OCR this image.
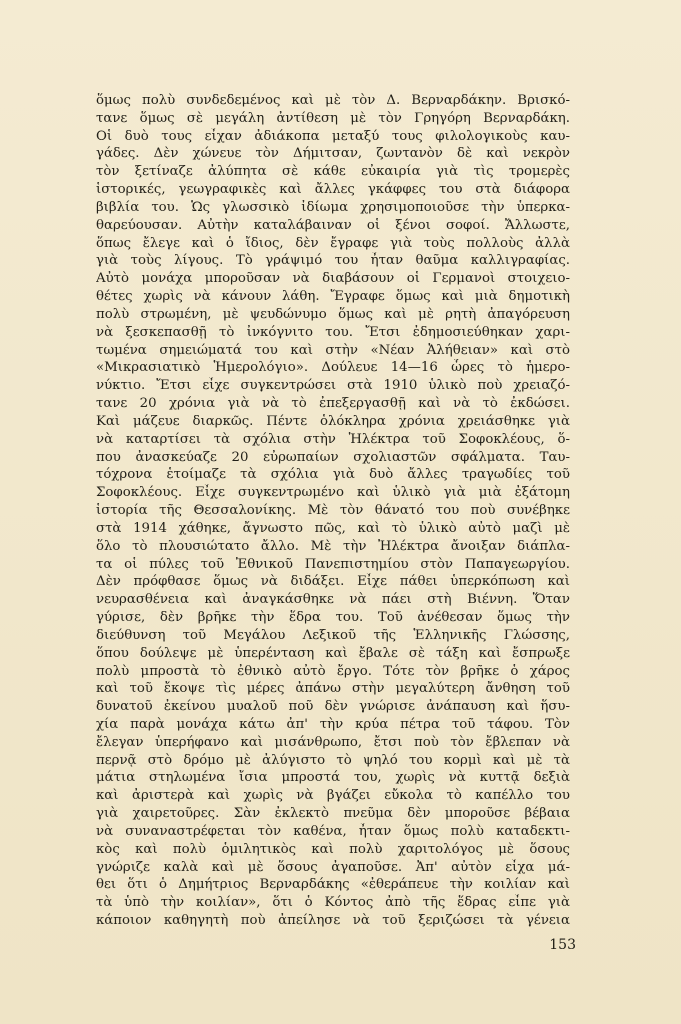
ὅμως πολὺ συνδεδεμένος καὶ μὲ τὸν Δ. Βερναρδάκην. Βρισκό-
τανε ὅμως σὲ μεγάλη ἀντίθεση μὲ τὸν Γρηγόρη Βερναρδάκη.
Οἱ δυὸ τους εἶχαν ἀδιάκοπα μεταξύ τους φιλολογικοὺς καυ-
γάδες. Δὲν χώνευε τὸν Δήμιτσαν, ζωντανὸν δὲ καὶ νεκρὸν
τὸν ξετίναζε ἀλύπητα σὲ κάθε εὐκαιρία γιὰ τὶς τρομερὲς
ἱστορικές, γεωγραφικὲς καὶ ἄλλες γκάφφες του στὰ διάφορα
βιβλία του. Ὡς γλωσσικὸ ἰδίωμα χρησιμοποιοῦσε τὴν ὑπερκα-
θαρεύουσαν. Αὐτὴν καταλάβαιναν οἱ ξένοι σοφοί. Ἄλλωστε,
ὅπως ἔλεγε καὶ ὁ ἴδιος, δὲν ἔγραφε γιὰ τοὺς πολλοὺς ἀλλὰ
γιὰ τοὺς λίγους. Τὸ γράψιμό του ἦταν θαῦμα καλλιγραφίας.
Αὐτὸ μονάχα μποροῦσαν νὰ διαβάσουν οἱ Γερμανοὶ στοιχειο-
θέτες χωρὶς νὰ κάνουν λάθη. Ἔγραφε ὅμως καὶ μιὰ δημοτικὴ
πολὺ στρωμένη, μὲ ψευδώνυμο ὅμως καὶ μὲ ρητὴ ἀπαγόρευση
νὰ ξεσκεπασθῇ τὸ ἰνκόγνιτο του. Ἔτσι ἐδημοσιεύθηκαν χαρι-
τωμένα σημειώματά του καὶ στὴν «Νέαν Ἀλήθειαν» καὶ στὸ
«Μικρασιατικὸ Ἡμερολόγιο». Δούλευε 14—16 ὧρες τὸ ἡμερο-
νύκτιο. Ἔτσι εἶχε συγκεντρώσει στὰ 1910 ὑλικὸ ποὺ χρειαζό-
τανε 20 χρόνια γιὰ νὰ τὸ ἐπεξεργασθῇ καὶ νὰ τὸ ἐκδώσει.
Καὶ μάζευε διαρκῶς. Πέντε ὁλόκληρα χρόνια χρειάσθηκε γιὰ
νὰ καταρτίσει τὰ σχόλια στὴν Ἠλέκτρα τοῦ Σοφοκλέους, ὅ-
που ἀνασκεύαζε 20 εὐρωπαίων σχολιαστῶν σφάλματα. Ταυ-
τόχρονα ἑτοίμαζε τὰ σχόλια γιὰ δυὸ ἄλλες τραγωδίες τοῦ
Σοφοκλέους. Εἶχε συγκεντρωμένο καὶ ὑλικὸ γιὰ μιὰ ἐξάτομη
ἱστορία τῆς Θεσσαλονίκης. Μὲ τὸν θάνατό του ποὺ συνέβηκε
στὰ 1914 χάθηκε, ἄγνωστο πῶς, καὶ τὸ ὑλικὸ αὐτὸ μαζὶ μὲ
ὅλο τὸ πλουσιώτατο ἄλλο. Μὲ τὴν Ἠλέκτρα ἄνοιξαν διάπλα-
τα οἱ πύλες τοῦ Ἐθνικοῦ Πανεπιστημίου στὸν Παπαγεωργίου.
Δὲν πρόφθασε ὅμως νὰ διδάξει. Εἶχε πάθει ὑπερκόπωση καὶ
νευρασθένεια καὶ ἀναγκάσθηκε νὰ πάει στὴ Βιέννη. Ὅταν
γύρισε, δὲν βρῆκε τὴν ἕδρα του. Τοῦ ἀνέθεσαν ὅμως τὴν
διεύθυνση τοῦ Μεγάλου Λεξικοῦ τῆς Ἑλληνικῆς Γλώσσης,
ὅπου δούλεψε μὲ ὑπερένταση καὶ ἔβαλε σὲ τάξη καὶ ἔσπρωξε
πολὺ μπροστὰ τὸ ἐθνικὸ αὐτὸ ἔργο. Τότε τὸν βρῆκε ὁ χάρος
καὶ τοῦ ἔκοψε τὶς μέρες ἀπάνω στὴν μεγαλύτερη ἄνθηση τοῦ
δυνατοῦ ἐκείνου μυαλοῦ ποῦ δὲν γνώρισε ἀνάπαυση καὶ ἥσυ-
χία παρὰ μονάχα κάτω ἀπ' τὴν κρύα πέτρα τοῦ τάφου. Τὸν
ἔλεγαν ὑπερήφανο καὶ μισάνθρωπο, ἔτσι ποὺ τὸν ἔβλεπαν νὰ
περνᾷ στὸ δρόμο μὲ ἀλύγιστο τὸ ψηλό του κορμὶ καὶ μὲ τὰ
μάτια στηλωμένα ἴσια μπροστά του, χωρὶς νὰ κυττᾷ δεξιὰ
καὶ ἀριστερὰ καὶ χωρὶς νὰ βγάζει εὔκολα τὸ καπέλλο του
γιὰ χαιρετοῦρες. Σὰν ἐκλεκτὸ πνεῦμα δὲν μποροῦσε βέβαια
νὰ συναναστρέφεται τὸν καθένα, ἦταν ὅμως πολὺ καταδεκτι-
κὸς καὶ πολὺ ὁμιλητικὸς καὶ πολὺ χαριτολόγος μὲ ὅσους
γνώριζε καλὰ καὶ μὲ ὅσους ἀγαποῦσε. Ἀπ' αὐτὸν εἶχα μά-
θει ὅτι ὁ Δημήτριος Βερναρδάκης «ἐθεράπευε τὴν κοιλίαν καὶ
τὰ ὑπὸ τὴν κοιλίαν», ὅτι ὁ Κόντος ἀπὸ τῆς ἕδρας εἶπε γιὰ
κάποιον καθηγητὴ ποὺ ἀπείλησε νὰ τοῦ ξεριζώσει τὰ γένεια
153
